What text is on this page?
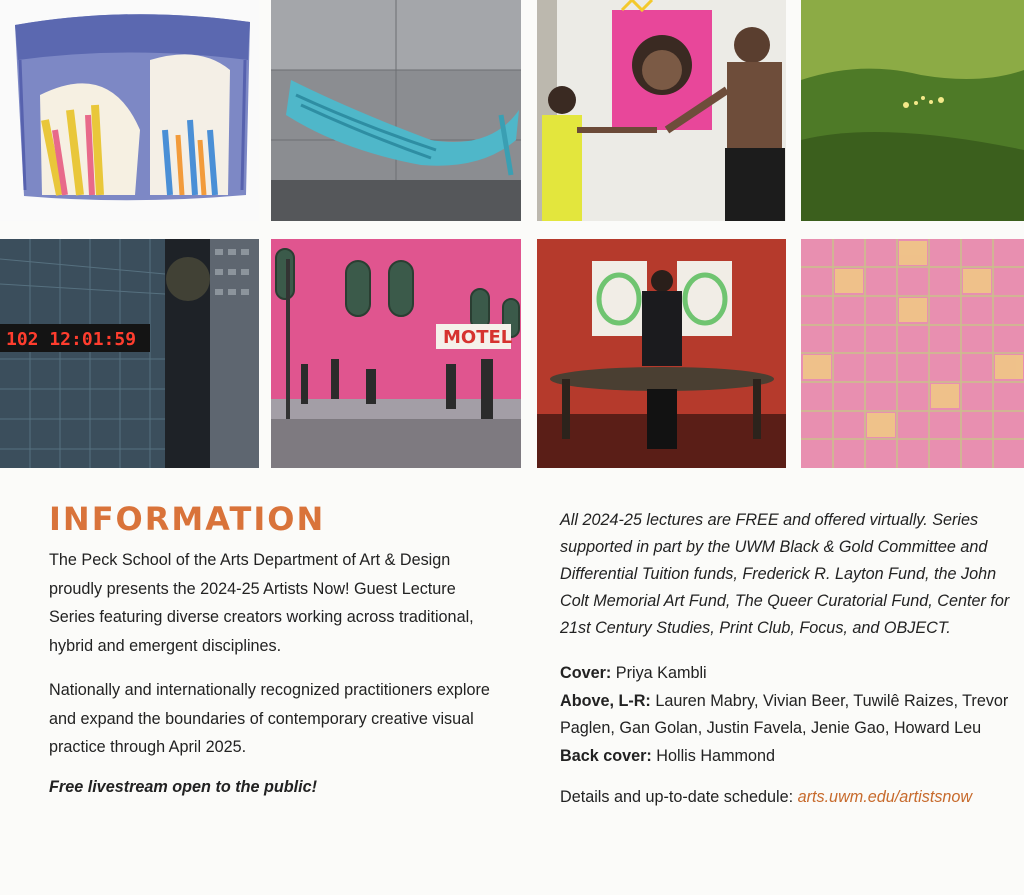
102 12:01:59	MOTEL
INFORMATION

The Peck School of the Arts Department of Art & Design proudly presents the 2024-25 Artists Now! Guest Lecture Series featuring diverse creators working across traditional, hybrid and emergent disciplines.

Nationally and internationally recognized practitioners explore and expand the boundaries of contemporary creative visual practice through April 2025.

Free livestream open to the public!

All 2024-25 lectures are FREE and offered virtually. Series supported in part by the UWM Black & Gold Committee and Differential Tuition funds, Frederick R. Layton Fund, the John Colt Memorial Art Fund, The Queer Curatorial Fund, Center for 21st Century Studies, Print Club, Focus, and OBJECT.

Cover: Priya Kambli
Above, L-R: Lauren Mabry, Vivian Beer, Tuwilê Raizes, Trevor Paglen, Gan Golan, Justin Favela, Jenie Gao, Howard Leu
Back cover: Hollis Hammond
Details and up-to-date schedule: arts.uwm.edu/artistsnow
